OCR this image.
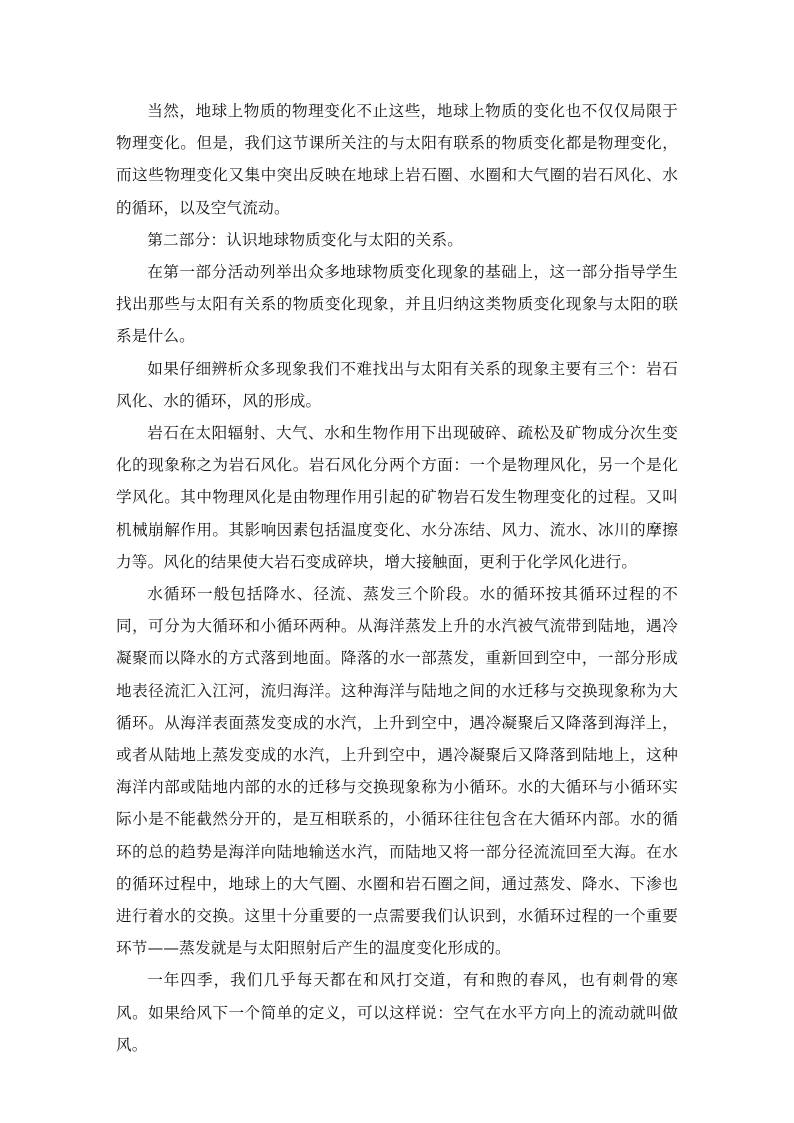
当然，地球上物质的物理变化不止这些，地球上物质的变化也不仅仅局限于物理变化。但是，我们这节课所关注的与太阳有联系的物质变化都是物理变化，而这些物理变化又集中突出反映在地球上岩石圈、水圈和大气圈的岩石风化、水的循环，以及空气流动。

第二部分：认识地球物质变化与太阳的关系。

在第一部分活动列举出众多地球物质变化现象的基础上，这一部分指导学生找出那些与太阳有关系的物质变化现象，并且归纳这类物质变化现象与太阳的联系是什么。

如果仔细辨析众多现象我们不难找出与太阳有关系的现象主要有三个：岩石风化、水的循环，风的形成。

岩石在太阳辐射、大气、水和生物作用下出现破碎、疏松及矿物成分次生变化的现象称之为岩石风化。岩石风化分两个方面：一个是物理风化，另一个是化学风化。其中物理风化是由物理作用引起的矿物岩石发生物理变化的过程。又叫机械崩解作用。其影响因素包括温度变化、水分冻结、风力、流水、冰川的摩擦力等。风化的结果使大岩石变成碎块，增大接触面，更利于化学风化进行。

水循环一般包括降水、径流、蒸发三个阶段。水的循环按其循环过程的不同，可分为大循环和小循环两种。从海洋蒸发上升的水汽被气流带到陆地，遇冷凝聚而以降水的方式落到地面。降落的水一部蒸发，重新回到空中，一部分形成地表径流汇入江河，流归海洋。这种海洋与陆地之间的水迁移与交换现象称为大循环。从海洋表面蒸发变成的水汽，上升到空中，遇冷凝聚后又降落到海洋上，或者从陆地上蒸发变成的水汽，上升到空中，遇冷凝聚后又降落到陆地上，这种海洋内部或陆地内部的水的迁移与交换现象称为小循环。水的大循环与小循环实际小是不能截然分开的，是互相联系的，小循环往往包含在大循环内部。水的循环的总的趋势是海洋向陆地输送水汽，而陆地又将一部分径流流回至大海。在水的循环过程中，地球上的大气圈、水圈和岩石圈之间，通过蒸发、降水、下渗也进行着水的交换。这里十分重要的一点需要我们认识到，水循环过程的一个重要环节——蒸发就是与太阳照射后产生的温度变化形成的。

一年四季，我们几乎每天都在和风打交道，有和煦的春风，也有刺骨的寒风。如果给风下一个简单的定义，可以这样说：空气在水平方向上的流动就叫做风。
